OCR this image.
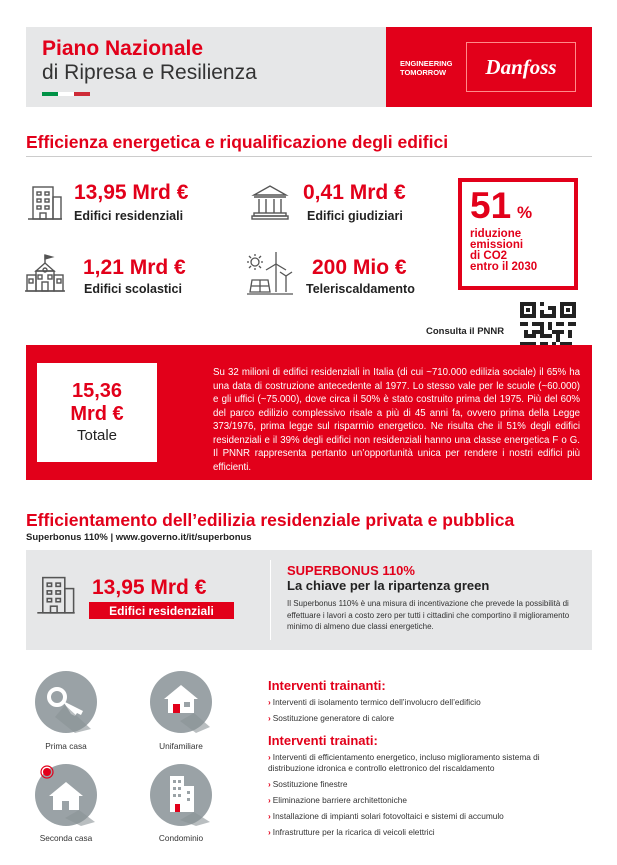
Piano Nazionale
di Ripresa e Resilienza	ENGINEERING
TOMORROW	Danfoss
Efficienza energetica e riqualificazione degli edifici
13,95 Mrd €
Edifici residenziali
0,41 Mrd €
Edifici giudiziari
1,21 Mrd €
Edifici scolastici
200 Mio €
Teleriscaldamento
51 %
riduzione
emissioni
di CO2
entro il 2030
Consulta il PNNR
15,36
Mrd €
Totale
Su 32 milioni di edifici residenziali in Italia (di cui ~710.000 edilizia sociale) il 65% ha una data di costruzione antecedente al 1977. Lo stesso vale per le scuole (~60.000) e gli uffici (~75.000), dove circa il 50% è stato costruito prima del 1975. Più del 60% del parco edilizio complessivo risale a più di 45 anni fa, ovvero prima della Legge 373/1976, prima legge sul risparmio energetico. Ne risulta che il 51% degli edifici residenziali e il 39% degli edifici non residenziali hanno una classe energetica F o G. Il PNNR rappresenta pertanto un’opportunità unica per rendere i nostri edifici più efficienti.
Efficientamento dell’edilizia residenziale privata e pubblica
Superbonus 110% | www.governo.it/it/superbonus
13,95 Mrd €
Edifici residenziali
SUPERBONUS 110%
La chiave per la ripartenza green
Il Superbonus 110% è una misura di incentivazione che prevede la possibilità di effettuare i lavori a costo zero per tutti i cittadini che comportino il miglioramento minimo di almeno due classi energetiche.
Prima casa	Unifamiliare
Seconda casa	Condominio
Interventi trainanti:
› Interventi di isolamento termico dell’involucro dell’edificio
› Sostituzione generatore di calore
Interventi trainati:
› Interventi di efficientamento energetico, incluso miglioramento sistema di distribuzione idronica e controllo elettronico del riscaldamento
› Sostituzione finestre
› Eliminazione barriere architettoniche
› Installazione di impianti solari fotovoltaici e sistemi di accumulo
› Infrastrutture per la ricarica di veicoli elettrici
